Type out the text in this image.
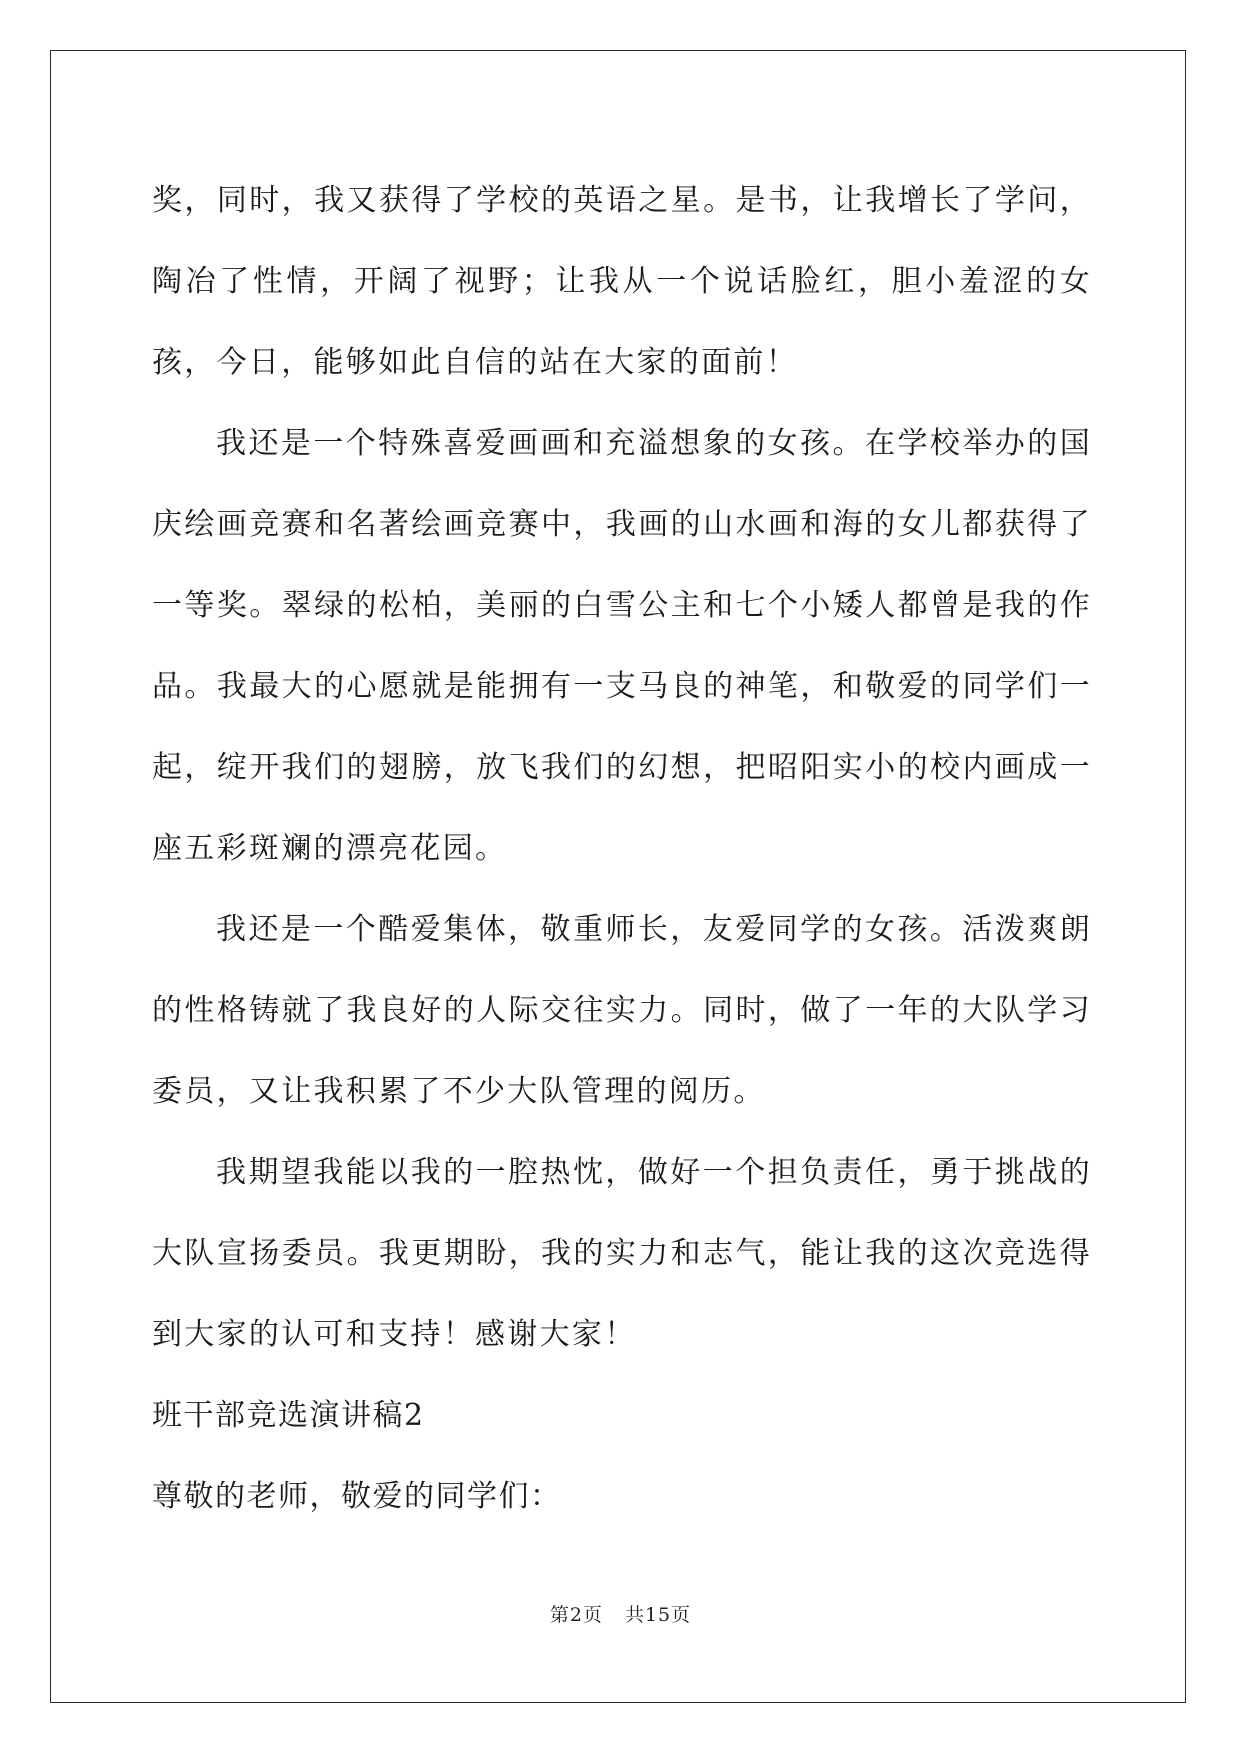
奖，同时，我又获得了学校的英语之星。是书，让我增长了学问，陶冶了性情，开阔了视野；让我从一个说话脸红，胆小羞涩的女孩，今日，能够如此自信的站在大家的面前！

我还是一个特殊喜爱画画和充溢想象的女孩。在学校举办的国庆绘画竞赛和名著绘画竞赛中，我画的山水画和海的女儿都获得了一等奖。翠绿的松柏，美丽的白雪公主和七个小矮人都曾是我的作品。我最大的心愿就是能拥有一支马良的神笔，和敬爱的同学们一起，绽开我们的翅膀，放飞我们的幻想，把昭阳实小的校内画成一座五彩斑斓的漂亮花园。

我还是一个酷爱集体，敬重师长，友爱同学的女孩。活泼爽朗的性格铸就了我良好的人际交往实力。同时，做了一年的大队学习委员，又让我积累了不少大队管理的阅历。

我期望我能以我的一腔热忱，做好一个担负责任，勇于挑战的大队宣扬委员。我更期盼，我的实力和志气，能让我的这次竞选得到大家的认可和支持！感谢大家！

班干部竞选演讲稿2

尊敬的老师，敬爱的同学们：

第2页 共15页
